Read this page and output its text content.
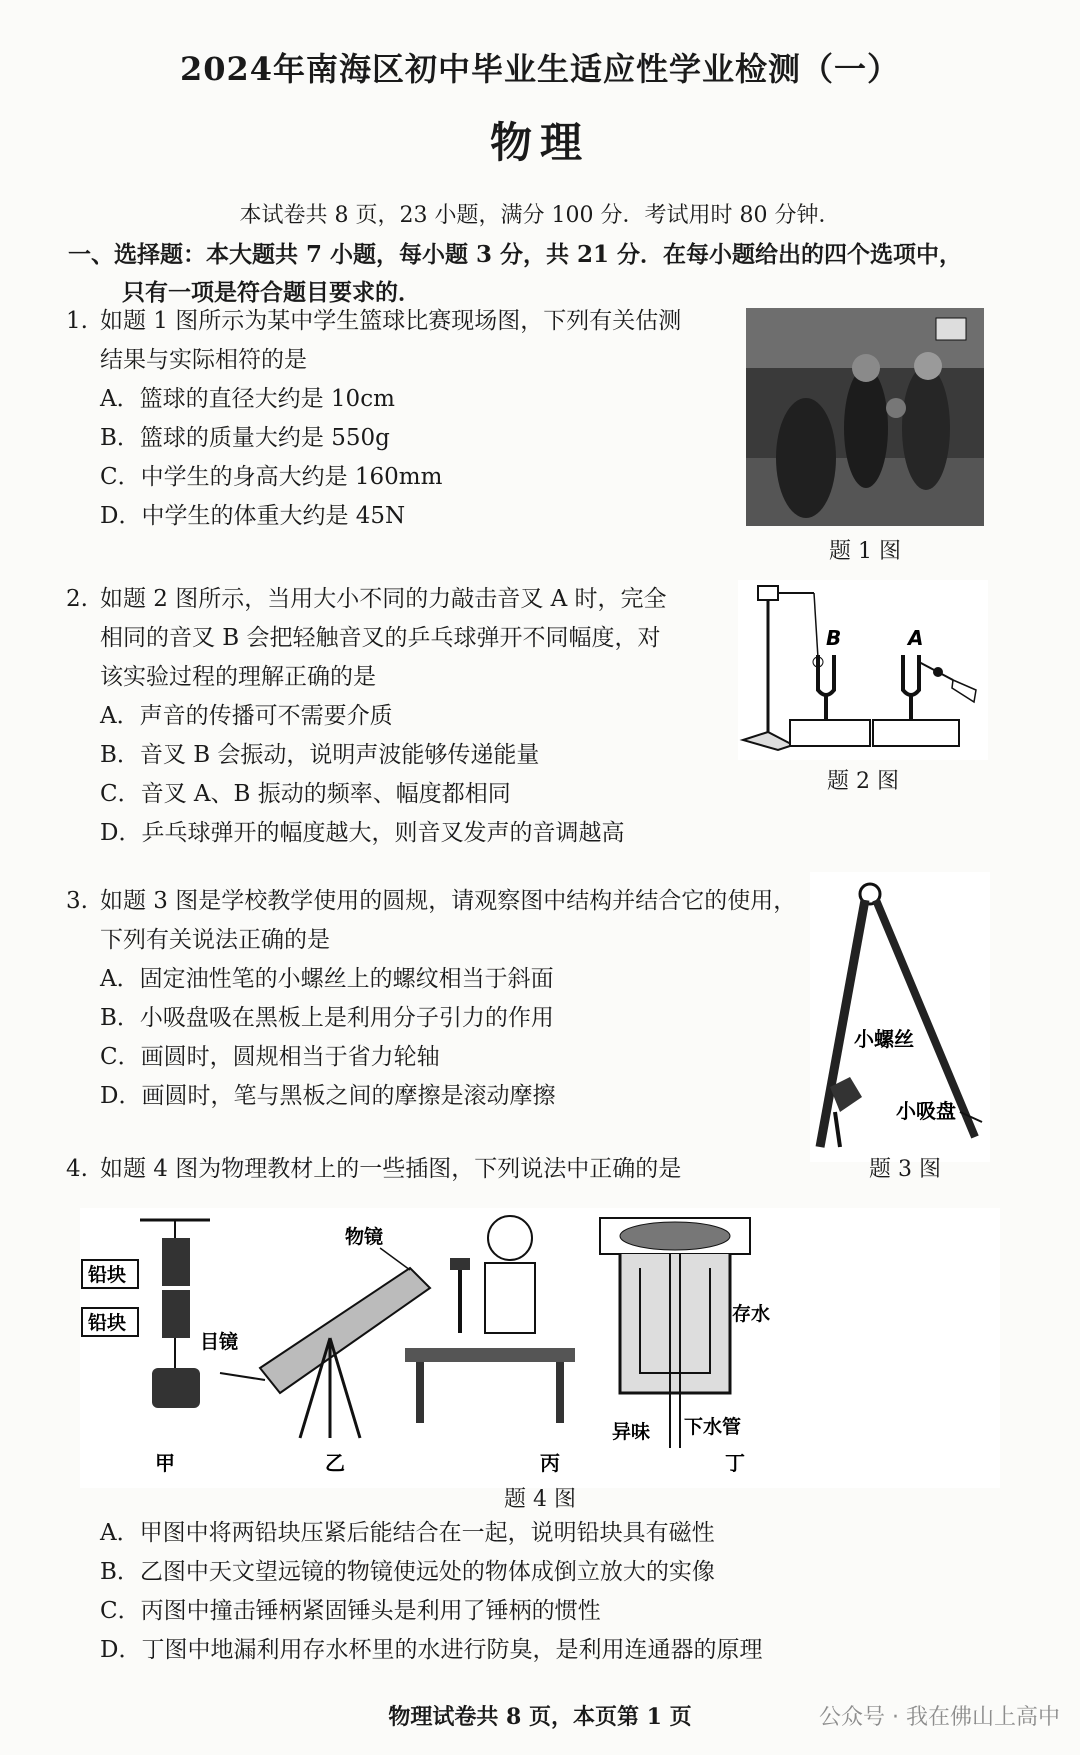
2024年南海区初中毕业生适应性学业检测（一）
物理
本试卷共 8 页，23 小题，满分 100 分．考试用时 80 分钟．
一、选择题：本大题共 7 小题，每小题 3 分，共 21 分．在每小题给出的四个选项中，
只有一项是符合题目要求的．
1. 如题 1 图所示为某中学生篮球比赛现场图，下列有关估测
结果与实际相符的是
A．篮球的直径大约是 10cm
B．篮球的质量大约是 550g
C．中学生的身高大约是 160mm
D．中学生的体重大约是 45N
题 1 图
2. 如题 2 图所示，当用大小不同的力敲击音叉 A 时，完全
相同的音叉 B 会把轻触音叉的乒乓球弹开不同幅度，对
该实验过程的理解正确的是
A．声音的传播可不需要介质
B．音叉 B 会振动，说明声波能够传递能量
C．音叉 A、B 振动的频率、幅度都相同
D．乒乓球弹开的幅度越大，则音叉发声的音调越高
B	A
题 2 图
3. 如题 3 图是学校教学使用的圆规，请观察图中结构并结合它的使用，
下列有关说法正确的是
A．固定油性笔的小螺丝上的螺纹相当于斜面
B．小吸盘吸在黑板上是利用分子引力的作用
C．画圆时，圆规相当于省力轮轴
D．画圆时，笔与黑板之间的摩擦是滚动摩擦
小螺丝
小吸盘
题 3 图
4. 如题 4 图为物理教材上的一些插图，下列说法中正确的是
铅块
铅块
物镜
目镜
存水
异味 下水管
甲	乙	丙	丁
题 4 图
A．甲图中将两铅块压紧后能结合在一起，说明铅块具有磁性
B．乙图中天文望远镜的物镜使远处的物体成倒立放大的实像
C．丙图中撞击锤柄紧固锤头是利用了锤柄的惯性
D．丁图中地漏利用存水杯里的水进行防臭，是利用连通器的原理
物理试卷共 8 页，本页第 1 页	公众号 · 我在佛山上高中
